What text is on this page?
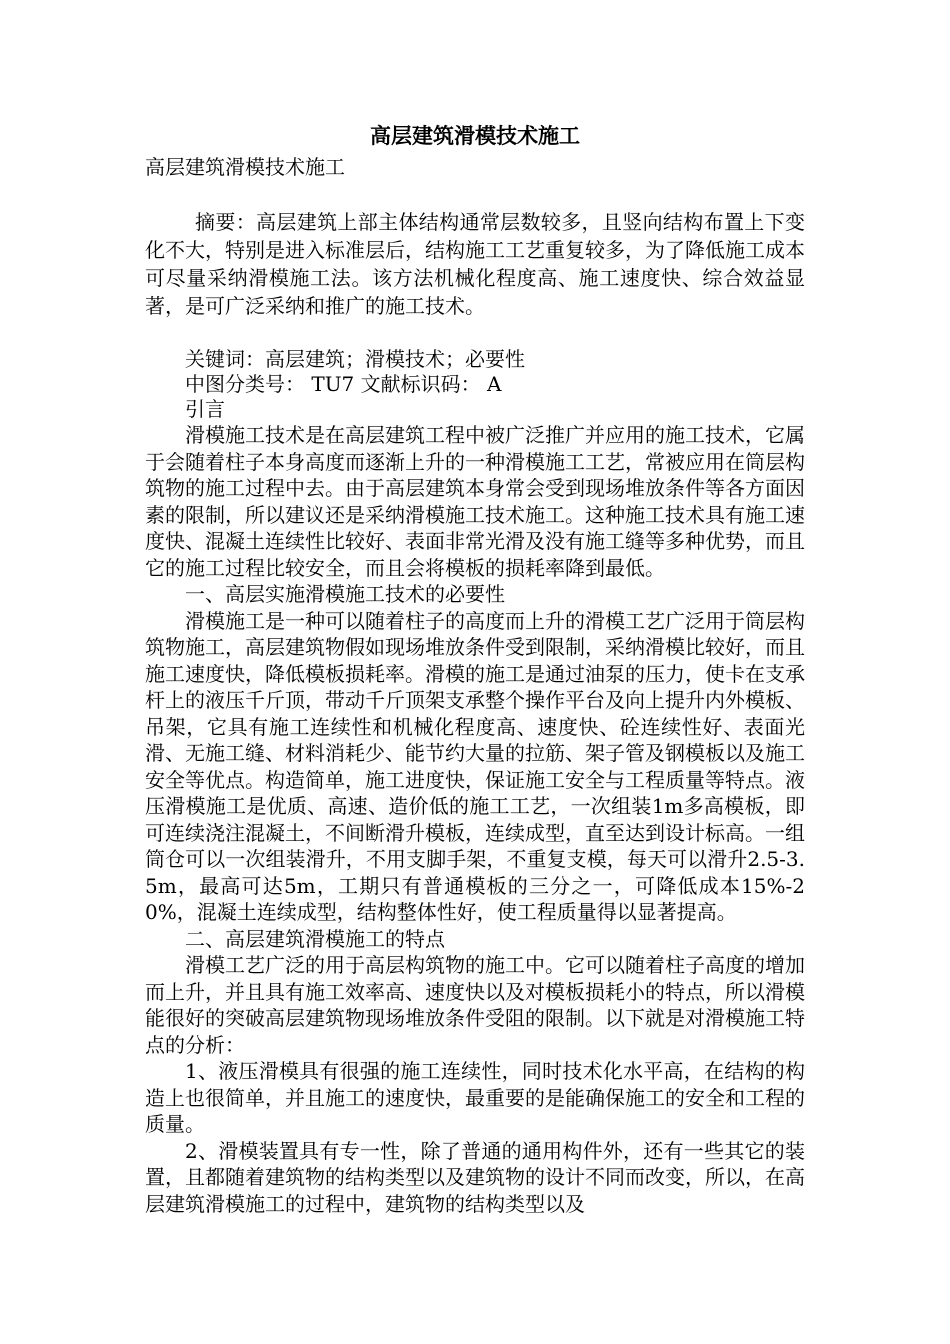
高层建筑滑模技术施工
高层建筑滑模技术施工

摘要：高层建筑上部主体结构通常层数较多，且竖向结构布置上下变化不大，特别是进入标准层后，结构施工工艺重复较多，为了降低施工成本可尽量采纳滑模施工法。该方法机械化程度高、施工速度快、综合效益显著，是可广泛采纳和推广的施工技术。

关键词：高层建筑；滑模技术；必要性

中图分类号： TU7 文献标识码： A

引言

滑模施工技术是在高层建筑工程中被广泛推广并应用的施工技术，它属于会随着柱子本身高度而逐渐上升的一种滑模施工工艺，常被应用在筒层构筑物的施工过程中去。由于高层建筑本身常会受到现场堆放条件等各方面因素的限制，所以建议还是采纳滑模施工技术施工。这种施工技术具有施工速度快、混凝土连续性比较好、表面非常光滑及没有施工缝等多种优势，而且它的施工过程比较安全，而且会将模板的损耗率降到最低。

一、高层实施滑模施工技术的必要性

滑模施工是一种可以随着柱子的高度而上升的滑模工艺广泛用于筒层构筑物施工，高层建筑物假如现场堆放条件受到限制，采纳滑模比较好，而且施工速度快，降低模板损耗率。滑模的施工是通过油泵的压力，使卡在支承杆上的液压千斤顶，带动千斤顶架支承整个操作平台及向上提升内外模板、吊架，它具有施工连续性和机械化程度高、速度快、砼连续性好、表面光滑、无施工缝、材料消耗少、能节约大量的拉筋、架子管及钢模板以及施工安全等优点。构造简单，施工进度快，保证施工安全与工程质量等特点。液压滑模施工是优质、高速、造价低的施工工艺，一次组装1m多高模板，即可连续浇注混凝土，不间断滑升模板，连续成型，直至达到设计标高。一组筒仓可以一次组装滑升，不用支脚手架，不重复支模，每天可以滑升2.5-3.5m，最高可达5m，工期只有普通模板的三分之一，可降低成本15%-20%，混凝土连续成型，结构整体性好，使工程质量得以显著提高。

二、高层建筑滑模施工的特点

滑模工艺广泛的用于高层构筑物的施工中。它可以随着柱子高度的增加而上升，并且具有施工效率高、速度快以及对模板损耗小的特点，所以滑模能很好的突破高层建筑物现场堆放条件受阻的限制。以下就是对滑模施工特点的分析：

1、液压滑模具有很强的施工连续性，同时技术化水平高，在结构的构造上也很简单，并且施工的速度快，最重要的是能确保施工的安全和工程的质量。

2、滑模装置具有专一性，除了普通的通用构件外，还有一些其它的装置，且都随着建筑物的结构类型以及建筑物的设计不同而改变，所以，在高层建筑滑模施工的过程中，建筑物的结构类型以及
